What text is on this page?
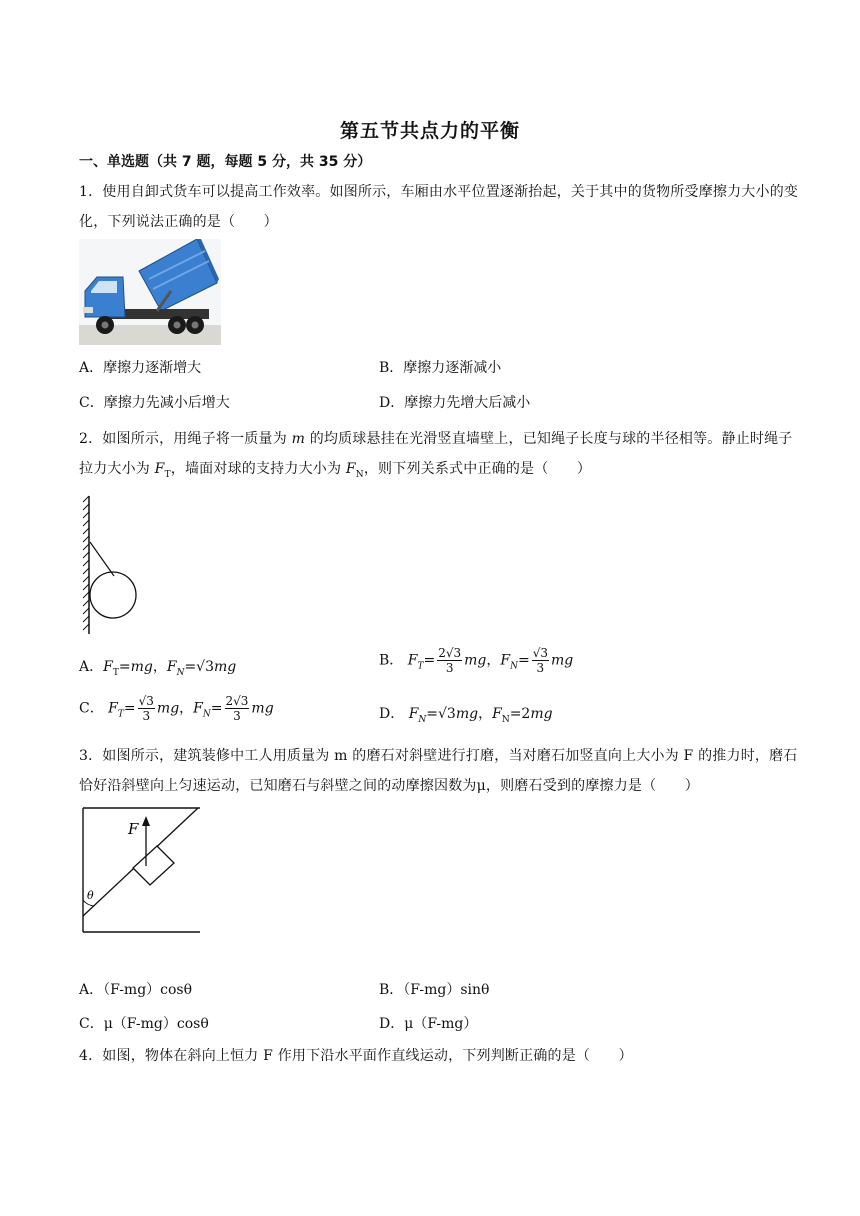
第五节共点力的平衡
一、单选题（共 7 题，每题 5 分，共 35 分）
1．使用自卸式货车可以提高工作效率。如图所示，车厢由水平位置逐渐抬起，关于其中的货物所受摩擦力大小的变化，下列说法正确的是（　　）
A．摩擦力逐渐增大	B．摩擦力逐渐减小
C．摩擦力先减小后增大	D．摩擦力先增大后减小
2．如图所示，用绳子将一质量为 m 的均质球悬挂在光滑竖直墙壁上，已知绳子长度与球的半径相等。静止时绳子拉力大小为 $F_T$，墙面对球的支持力大小为 $F_N$，则下列关系式中正确的是（　　）
A．$F_T=mg$，$F_N=√3mg$	B． $F_T= \frac{2√3}{3}$ mg，$F_N= \frac{√3}{3}$ mg
C． $F_T= \frac{√3}{3}$ mg，$F_N= \frac{2√3}{3}$ mg	D． $F_N=√3mg$，$F_N=2mg$
3．如图所示，建筑装修中工人用质量为 m 的磨石对斜壁进行打磨，当对磨石加竖直向上大小为 F 的推力时，磨石恰好沿斜壁向上匀速运动，已知磨石与斜壁之间的动摩擦因数为μ，则磨石受到的摩擦力是（　　）
F
θ
A．（F-mg）cosθ	B．（F-mg）sinθ
C．μ（F-mg）cosθ	D．μ（F-mg）
4．如图，物体在斜向上恒力 F 作用下沿水平面作直线运动，下列判断正确的是（　　）
